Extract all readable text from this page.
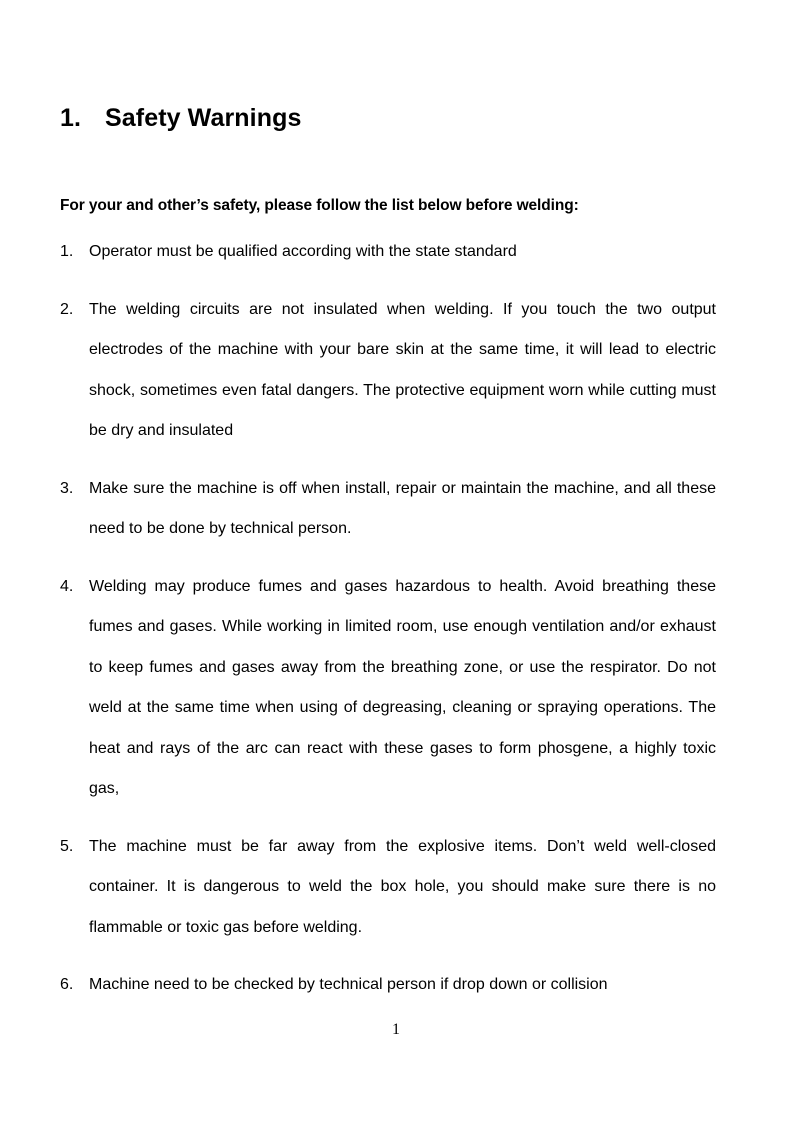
1. Safety Warnings
For your and other’s safety, please follow the list below before welding:
1. Operator must be qualified according with the state standard
2. The welding circuits are not insulated when welding. If you touch the two output electrodes of the machine with your bare skin at the same time, it will lead to electric shock, sometimes even fatal dangers. The protective equipment worn while cutting must be dry and insulated
3. Make sure the machine is off when install, repair or maintain the machine, and all these need to be done by technical person.
4. Welding may produce fumes and gases hazardous to health. Avoid breathing these fumes and gases. While working in limited room, use enough ventilation and/or exhaust to keep fumes and gases away from the breathing zone, or use the respirator. Do not weld at the same time when using of degreasing, cleaning or spraying operations. The heat and rays of the arc can react with these gases to form phosgene, a highly toxic gas,
5. The machine must be far away from the explosive items. Don’t weld well-closed container. It is dangerous to weld the box hole, you should make sure there is no flammable or toxic gas before welding.
6. Machine need to be checked by technical person if drop down or collision
1
